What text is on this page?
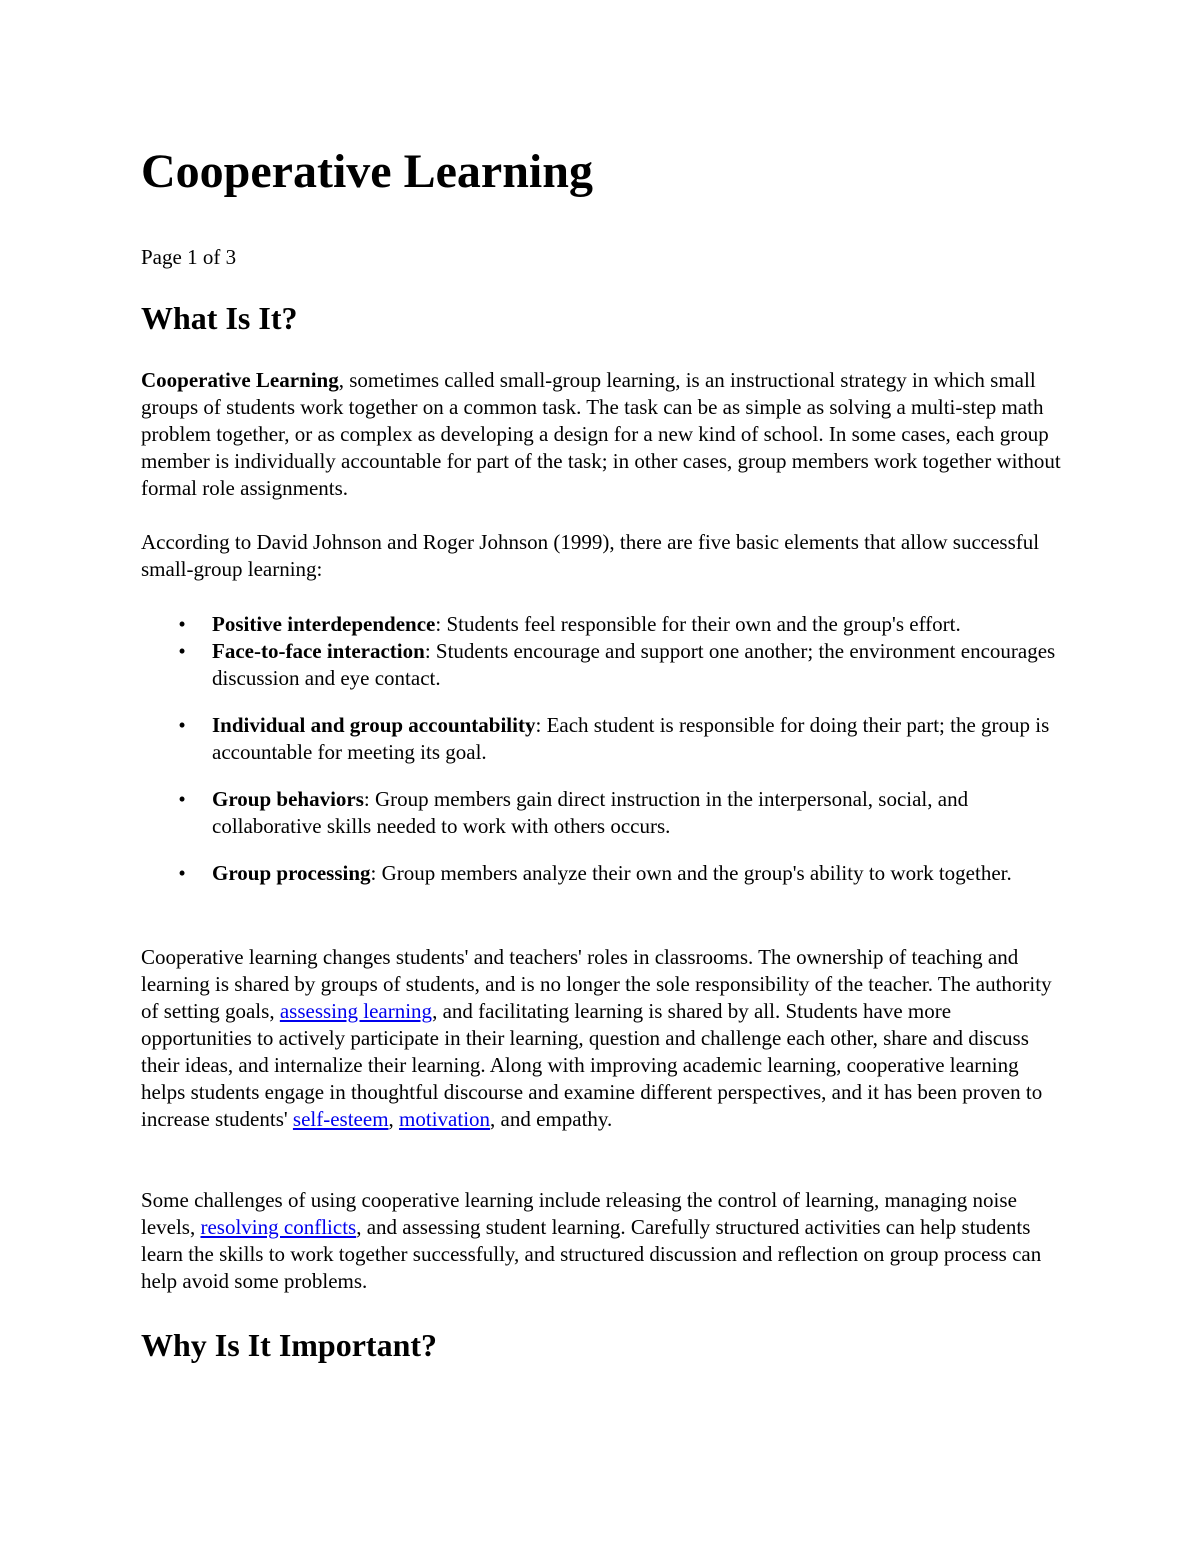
Cooperative Learning

Page 1 of 3

What Is It?

Cooperative Learning, sometimes called small-group learning, is an instructional strategy in which small groups of students work together on a common task. The task can be as simple as solving a multi-step math problem together, or as complex as developing a design for a new kind of school. In some cases, each group member is individually accountable for part of the task; in other cases, group members work together without formal role assignments.

According to David Johnson and Roger Johnson (1999), there are five basic elements that allow successful small-group learning:

• Positive interdependence: Students feel responsible for their own and the group's effort.
• Face-to-face interaction: Students encourage and support one another; the environment encourages discussion and eye contact.
• Individual and group accountability: Each student is responsible for doing their part; the group is accountable for meeting its goal.
• Group behaviors: Group members gain direct instruction in the interpersonal, social, and collaborative skills needed to work with others occurs.
• Group processing: Group members analyze their own and the group's ability to work together.

Cooperative learning changes students' and teachers' roles in classrooms. The ownership of teaching and learning is shared by groups of students, and is no longer the sole responsibility of the teacher. The authority of setting goals, assessing learning, and facilitating learning is shared by all. Students have more opportunities to actively participate in their learning, question and challenge each other, share and discuss their ideas, and internalize their learning. Along with improving academic learning, cooperative learning helps students engage in thoughtful discourse and examine different perspectives, and it has been proven to increase students' self-esteem, motivation, and empathy.

Some challenges of using cooperative learning include releasing the control of learning, managing noise levels, resolving conflicts, and assessing student learning. Carefully structured activities can help students learn the skills to work together successfully, and structured discussion and reflection on group process can help avoid some problems.

Why Is It Important?
